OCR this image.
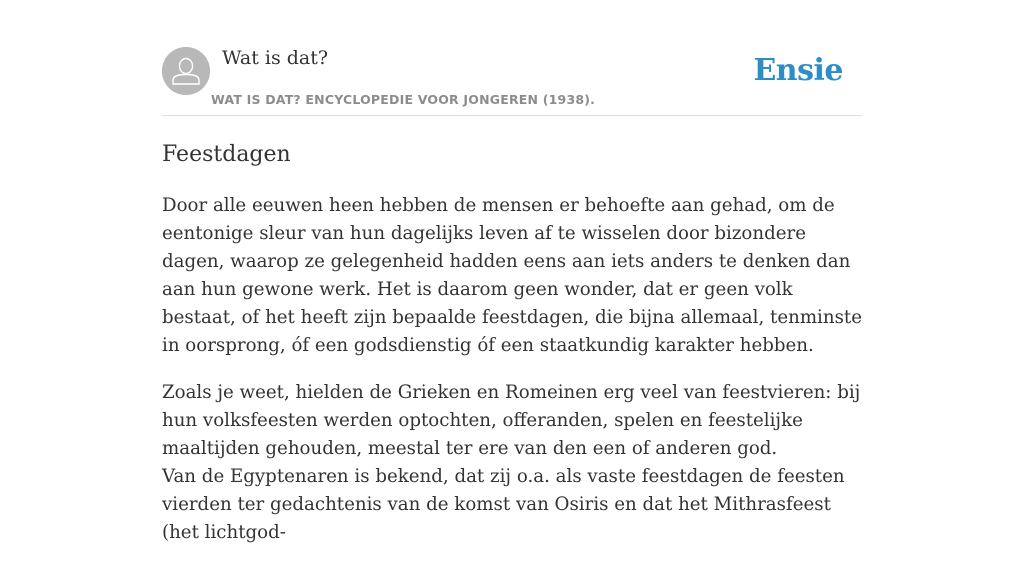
Wat is dat?
WAT IS DAT? ENCYCLOPEDIE VOOR JONGEREN (1938).
Ensie
Feestdagen

Door alle eeuwen heen hebben de mensen er behoefte aan gehad, om de eentonige sleur van hun dagelijks leven af te wisselen door bizondere dagen, waarop ze gelegenheid hadden eens aan iets anders te denken dan aan hun gewone werk. Het is daarom geen wonder, dat er geen volk bestaat, of het heeft zijn bepaalde feestdagen, die bijna allemaal, tenminste in oorsprong, óf een godsdienstig óf een staatkundig karakter hebben.

Zoals je weet, hielden de Grieken en Romeinen erg veel van feestvieren: bij hun volksfeesten werden optochten, offeranden, spelen en feestelijke maaltijden gehouden, meestal ter ere van den een of anderen god.
Van de Egyptenaren is bekend, dat zij o.a. als vaste feestdagen de feesten vierden ter gedachtenis van de komst van Osiris en dat het Mithrasfeest (het lichtgod-
